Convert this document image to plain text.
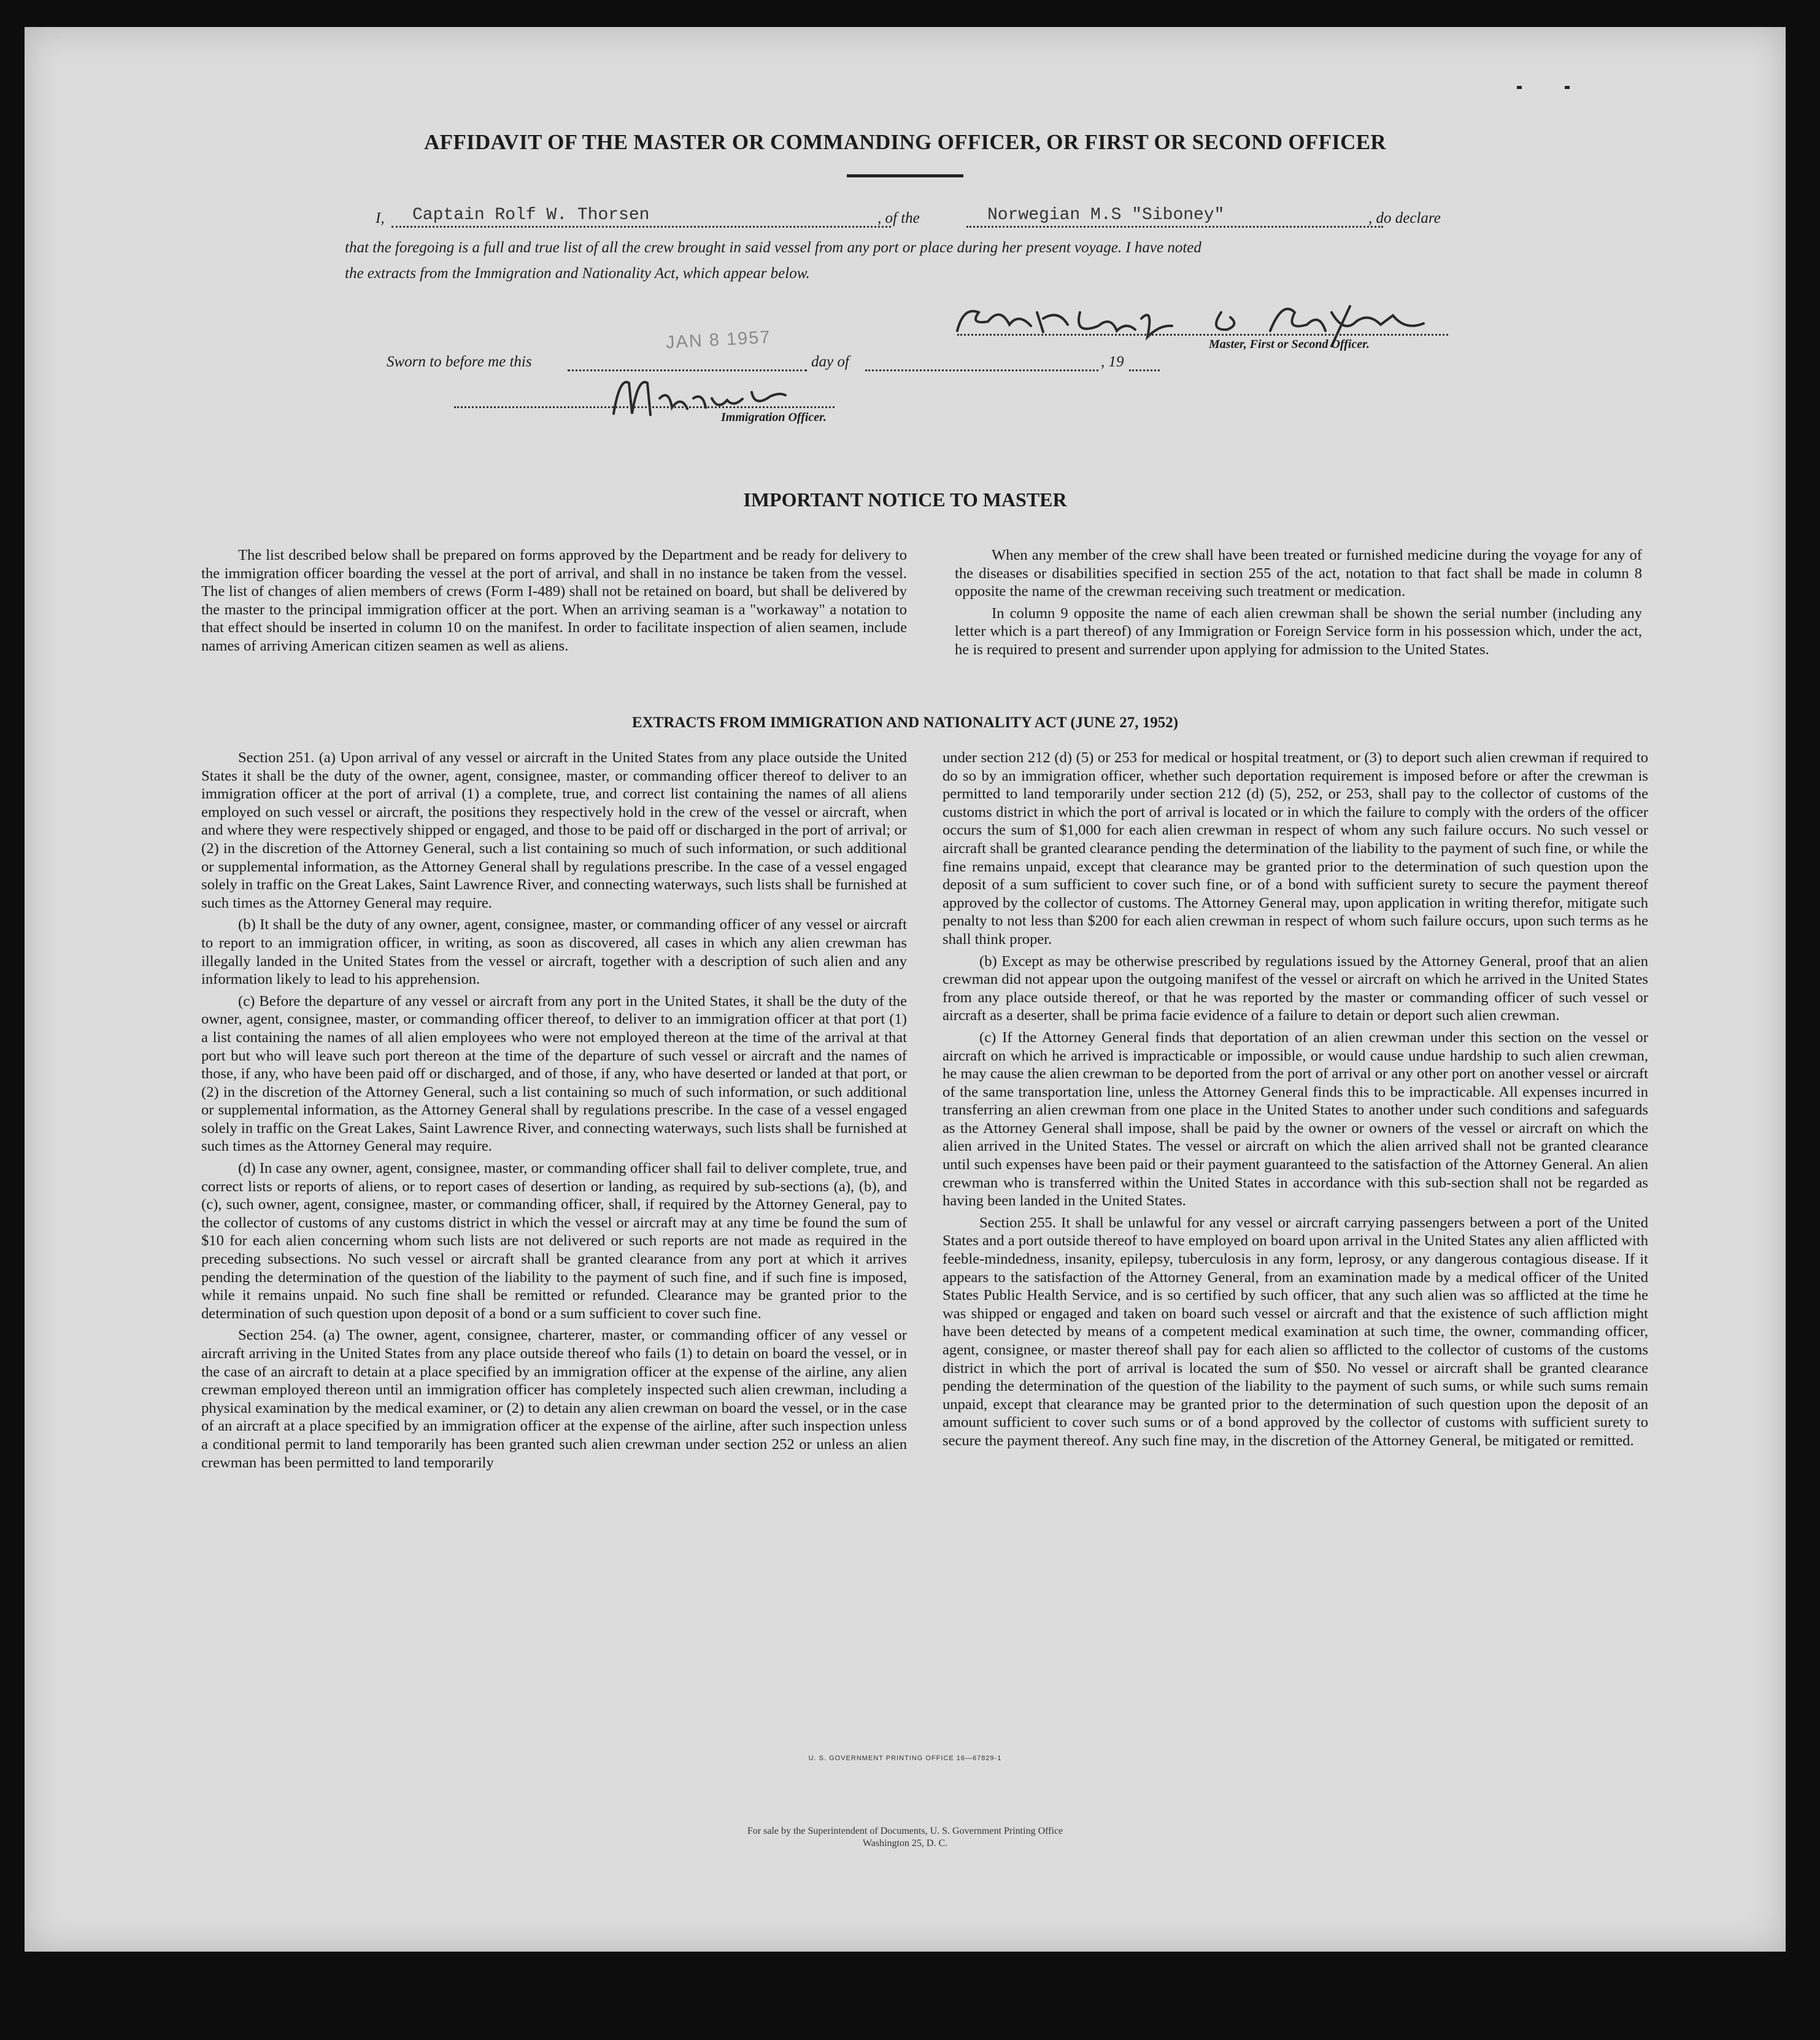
AFFIDAVIT OF THE MASTER OR COMMANDING OFFICER, OR FIRST OR SECOND OFFICER
I,	Captain Rolf W. Thorsen	, of the	Norwegian M.S "Siboney"	, do declare
that the foregoing is a full and true list of all the crew brought in said vessel from any port or place during her present voyage. I have noted
the extracts from the Immigration and Nationality Act, which appear below.
Master, First or Second Officer.
Sworn to before me this
JAN 8 1957
day of	, 19
Immigration Officer.
IMPORTANT NOTICE TO MASTER

The list described below shall be prepared on forms approved by the Department and be ready for delivery to the immigration officer boarding the vessel at the port of arrival, and shall in no instance be taken from the vessel. The list of changes of alien members of crews (Form I-489) shall not be retained on board, but shall be delivered by the master to the principal immigration officer at the port. When an arriving seaman is a "workaway" a notation to that effect should be inserted in column 10 on the manifest. In order to facilitate inspection of alien seamen, include names of arriving American citizen seamen as well as aliens.

When any member of the crew shall have been treated or furnished medicine during the voyage for any of the diseases or disabilities specified in section 255 of the act, notation to that fact shall be made in column 8 opposite the name of the crewman receiving such treatment or medication.

In column 9 opposite the name of each alien crewman shall be shown the serial number (including any letter which is a part thereof) of any Immigration or Foreign Service form in his possession which, under the act, he is required to present and surrender upon applying for admission to the United States.

EXTRACTS FROM IMMIGRATION AND NATIONALITY ACT (JUNE 27, 1952)

Section 251. (a) Upon arrival of any vessel or aircraft in the United States from any place outside the United States it shall be the duty of the owner, agent, consignee, master, or commanding officer thereof to deliver to an immigration officer at the port of arrival (1) a complete, true, and correct list containing the names of all aliens employed on such vessel or aircraft, the positions they respectively hold in the crew of the vessel or aircraft, when and where they were respectively shipped or engaged, and those to be paid off or discharged in the port of arrival; or (2) in the discretion of the Attorney General, such a list containing so much of such information, or such additional or supplemental information, as the Attorney General shall by regulations prescribe. In the case of a vessel engaged solely in traffic on the Great Lakes, Saint Lawrence River, and connecting waterways, such lists shall be furnished at such times as the Attorney General may require.

(b) It shall be the duty of any owner, agent, consignee, master, or commanding officer of any vessel or aircraft to report to an immigration officer, in writing, as soon as discovered, all cases in which any alien crewman has illegally landed in the United States from the vessel or aircraft, together with a description of such alien and any information likely to lead to his apprehension.

(c) Before the departure of any vessel or aircraft from any port in the United States, it shall be the duty of the owner, agent, consignee, master, or commanding officer thereof, to deliver to an immigration officer at that port (1) a list containing the names of all alien employees who were not employed thereon at the time of the arrival at that port but who will leave such port thereon at the time of the departure of such vessel or aircraft and the names of those, if any, who have been paid off or discharged, and of those, if any, who have deserted or landed at that port, or (2) in the discretion of the Attorney General, such a list containing so much of such information, or such additional or supplemental information, as the Attorney General shall by regulations prescribe. In the case of a vessel engaged solely in traffic on the Great Lakes, Saint Lawrence River, and connecting waterways, such lists shall be furnished at such times as the Attorney General may require.

(d) In case any owner, agent, consignee, master, or commanding officer shall fail to deliver complete, true, and correct lists or reports of aliens, or to report cases of desertion or landing, as required by sub-sections (a), (b), and (c), such owner, agent, consignee, master, or commanding officer, shall, if required by the Attorney General, pay to the collector of customs of any customs district in which the vessel or aircraft may at any time be found the sum of $10 for each alien concerning whom such lists are not delivered or such reports are not made as required in the preceding subsections. No such vessel or aircraft shall be granted clearance from any port at which it arrives pending the determination of the question of the liability to the payment of such fine, and if such fine is imposed, while it remains unpaid. No such fine shall be remitted or refunded. Clearance may be granted prior to the determination of such question upon deposit of a bond or a sum sufficient to cover such fine.

Section 254. (a) The owner, agent, consignee, charterer, master, or commanding officer of any vessel or aircraft arriving in the United States from any place outside thereof who fails (1) to detain on board the vessel, or in the case of an aircraft to detain at a place specified by an immigration officer at the expense of the airline, any alien crewman employed thereon until an immigration officer has completely inspected such alien crewman, including a physical examination by the medical examiner, or (2) to detain any alien crewman on board the vessel, or in the case of an aircraft at a place specified by an immigration officer at the expense of the airline, after such inspection unless a conditional permit to land temporarily has been granted such alien crewman under section 252 or unless an alien crewman has been permitted to land temporarily

under section 212 (d) (5) or 253 for medical or hospital treatment, or (3) to deport such alien crewman if required to do so by an immigration officer, whether such deportation requirement is imposed before or after the crewman is permitted to land temporarily under section 212 (d) (5), 252, or 253, shall pay to the collector of customs of the customs district in which the port of arrival is located or in which the failure to comply with the orders of the officer occurs the sum of $1,000 for each alien crewman in respect of whom any such failure occurs. No such vessel or aircraft shall be granted clearance pending the determination of the liability to the payment of such fine, or while the fine remains unpaid, except that clearance may be granted prior to the determination of such question upon the deposit of a sum sufficient to cover such fine, or of a bond with sufficient surety to secure the payment thereof approved by the collector of customs. The Attorney General may, upon application in writing therefor, mitigate such penalty to not less than $200 for each alien crewman in respect of whom such failure occurs, upon such terms as he shall think proper.

(b) Except as may be otherwise prescribed by regulations issued by the Attorney General, proof that an alien crewman did not appear upon the outgoing manifest of the vessel or aircraft on which he arrived in the United States from any place outside thereof, or that he was reported by the master or commanding officer of such vessel or aircraft as a deserter, shall be prima facie evidence of a failure to detain or deport such alien crewman.

(c) If the Attorney General finds that deportation of an alien crewman under this section on the vessel or aircraft on which he arrived is impracticable or impossible, or would cause undue hardship to such alien crewman, he may cause the alien crewman to be deported from the port of arrival or any other port on another vessel or aircraft of the same transportation line, unless the Attorney General finds this to be impracticable. All expenses incurred in transferring an alien crewman from one place in the United States to another under such conditions and safeguards as the Attorney General shall impose, shall be paid by the owner or owners of the vessel or aircraft on which the alien arrived in the United States. The vessel or aircraft on which the alien arrived shall not be granted clearance until such expenses have been paid or their payment guaranteed to the satisfaction of the Attorney General. An alien crewman who is transferred within the United States in accordance with this sub-section shall not be regarded as having been landed in the United States.

Section 255. It shall be unlawful for any vessel or aircraft carrying passengers between a port of the United States and a port outside thereof to have employed on board upon arrival in the United States any alien afflicted with feeble-mindedness, insanity, epilepsy, tuberculosis in any form, leprosy, or any dangerous contagious disease. If it appears to the satisfaction of the Attorney General, from an examination made by a medical officer of the United States Public Health Service, and is so certified by such officer, that any such alien was so afflicted at the time he was shipped or engaged and taken on board such vessel or aircraft and that the existence of such affliction might have been detected by means of a competent medical examination at such time, the owner, commanding officer, agent, consignee, or master thereof shall pay for each alien so afflicted to the collector of customs of the customs district in which the port of arrival is located the sum of $50. No vessel or aircraft shall be granted clearance pending the determination of the question of the liability to the payment of such sums, or while such sums remain unpaid, except that clearance may be granted prior to the determination of such question upon the deposit of an amount sufficient to cover such sums or of a bond approved by the collector of customs with sufficient surety to secure the payment thereof. Any such fine may, in the discretion of the Attorney General, be mitigated or remitted.

U. S. GOVERNMENT PRINTING OFFICE 16—67829-1
For sale by the Superintendent of Documents, U. S. Government Printing Office
Washington 25, D. C.
